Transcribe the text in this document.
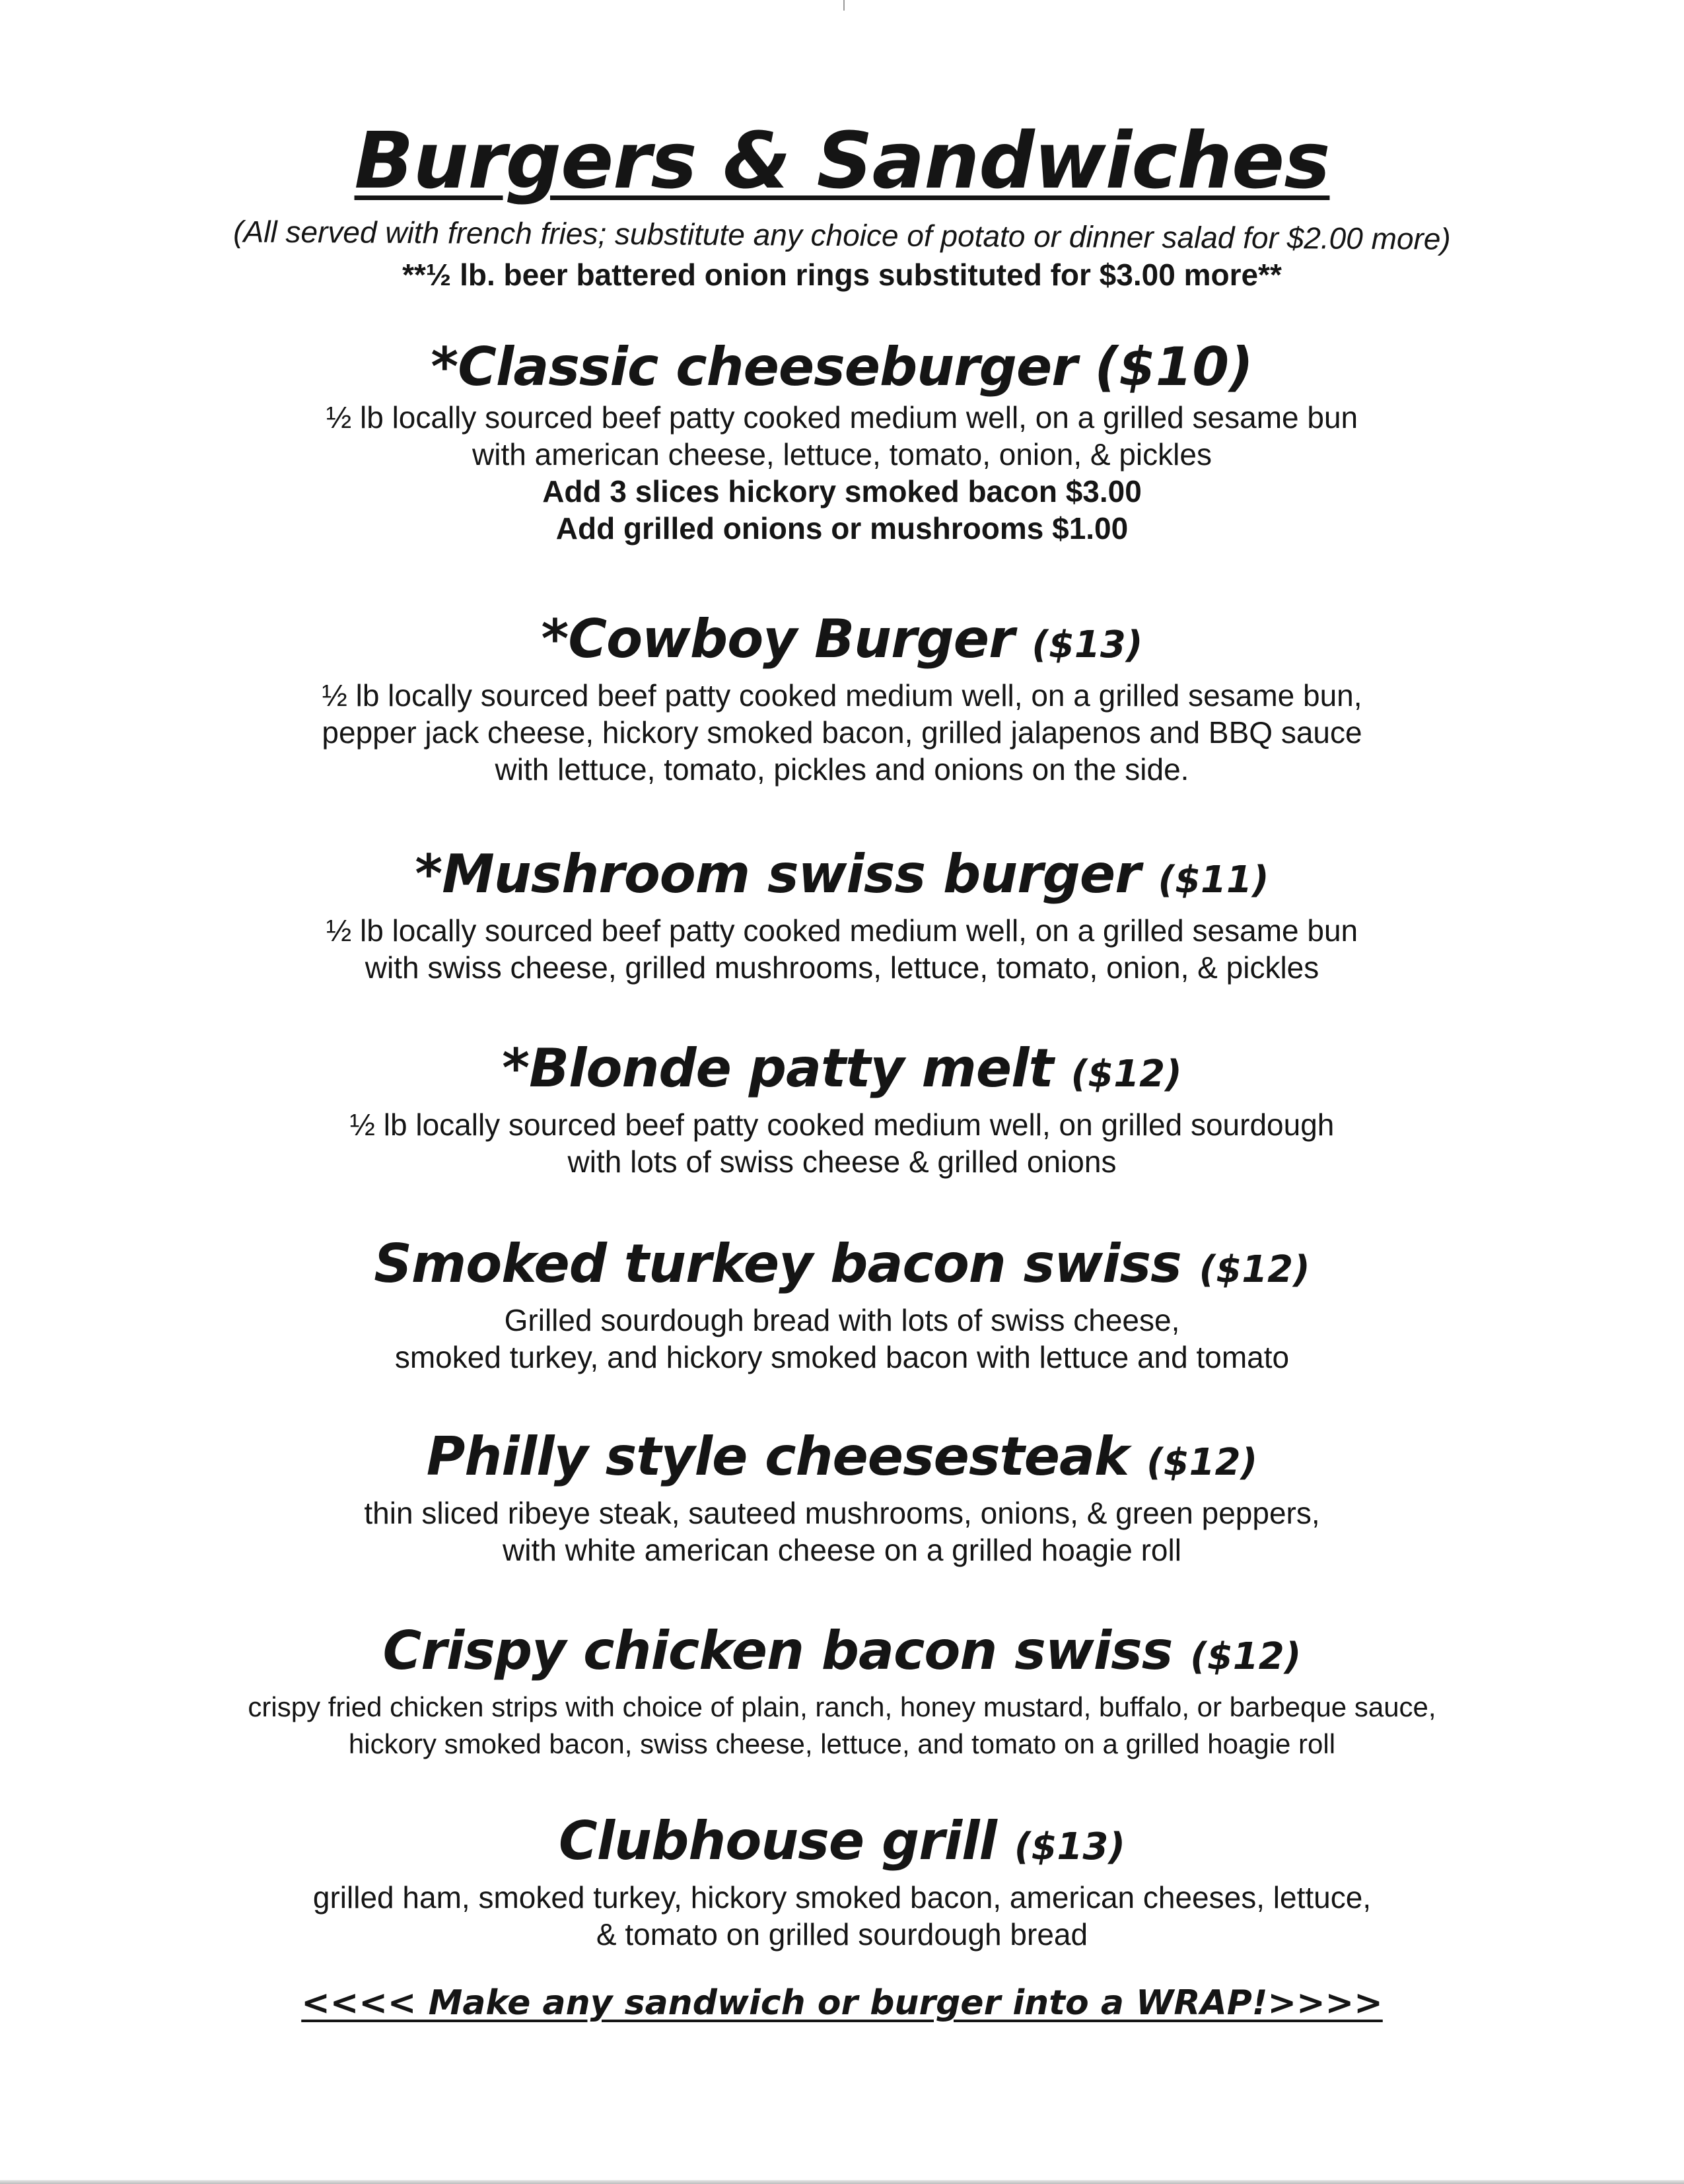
Burgers & Sandwiches
(All served with french fries; substitute any choice of potato or dinner salad for $2.00 more)
**½ lb. beer battered onion rings substituted for $3.00 more**
*Classic cheeseburger ($10)
½ lb locally sourced beef patty cooked medium well, on a grilled sesame bun
with american cheese, lettuce, tomato, onion, & pickles
Add 3 slices hickory smoked bacon $3.00
Add grilled onions or mushrooms $1.00
*Cowboy Burger ($13)
½ lb locally sourced beef patty cooked medium well, on a grilled sesame bun,
pepper jack cheese, hickory smoked bacon, grilled jalapenos and BBQ sauce
with lettuce, tomato, pickles and onions on the side.
*Mushroom swiss burger ($11)
½ lb locally sourced beef patty cooked medium well, on a grilled sesame bun
with swiss cheese, grilled mushrooms, lettuce, tomato, onion, & pickles
*Blonde patty melt ($12)
½ lb locally sourced beef patty cooked medium well, on grilled sourdough
with lots of swiss cheese & grilled onions
Smoked turkey bacon swiss ($12)
Grilled sourdough bread with lots of swiss cheese,
smoked turkey, and hickory smoked bacon with lettuce and tomato
Philly style cheesesteak ($12)
thin sliced ribeye steak, sauteed mushrooms, onions, & green peppers,
with white american cheese on a grilled hoagie roll
Crispy chicken bacon swiss ($12)
crispy fried chicken strips with choice of plain, ranch, honey mustard, buffalo, or barbeque sauce,
hickory smoked bacon, swiss cheese, lettuce, and tomato on a grilled hoagie roll
Clubhouse grill ($13)
grilled ham, smoked turkey, hickory smoked bacon, american cheeses, lettuce,
& tomato on grilled sourdough bread
<<<< Make any sandwich or burger into a WRAP!>>>>
